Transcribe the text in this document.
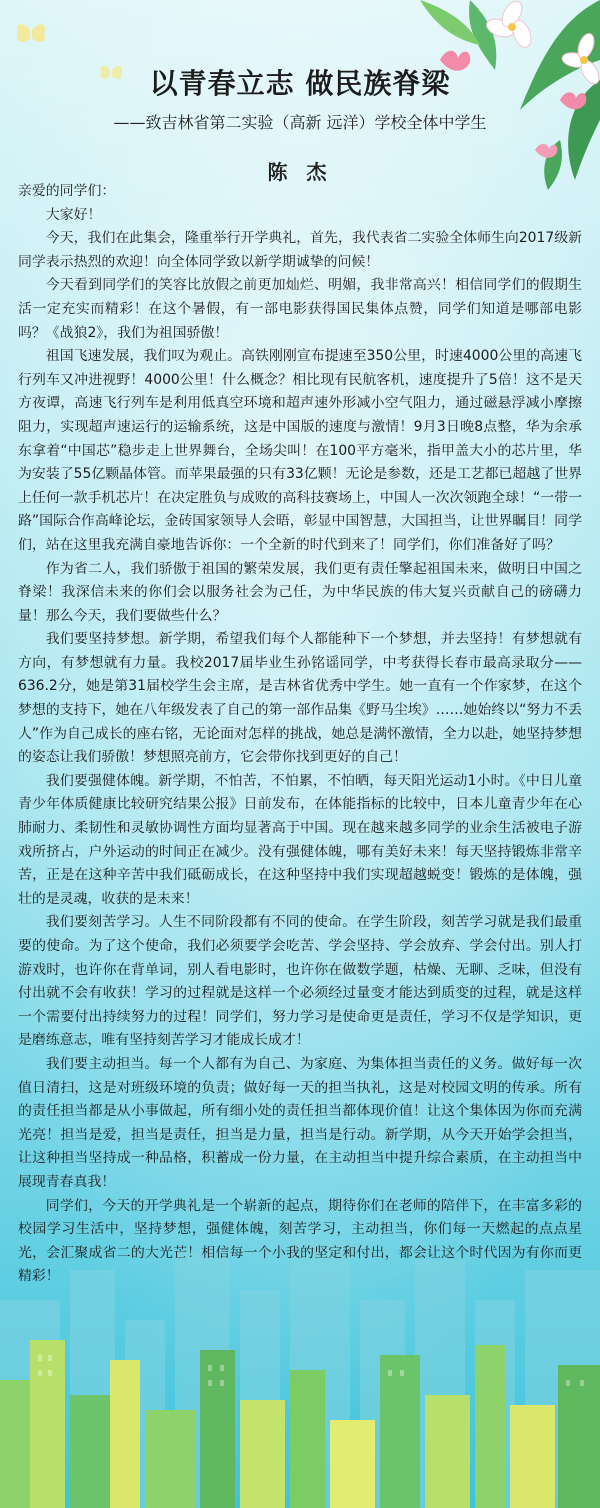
以青春立志 做民族脊梁
——致吉林省第二实验（高新 远洋）学校全体中学生
陈 杰

亲爱的同学们：

大家好！

今天，我们在此集会，隆重举行开学典礼，首先，我代表省二实验全体师生向2017级新同学表示热烈的欢迎！向全体同学致以新学期诚挚的问候！

今天看到同学们的笑容比放假之前更加灿烂、明媚，我非常高兴！相信同学们的假期生活一定充实而精彩！在这个暑假，有一部电影获得国民集体点赞，同学们知道是哪部电影吗？《战狼2》，我们为祖国骄傲！

祖国飞速发展，我们叹为观止。高铁刚刚宣布提速至350公里，时速4000公里的高速飞行列车又冲进视野！4000公里！什么概念？相比现有民航客机，速度提升了5倍！这不是天方夜谭，高速飞行列车是利用低真空环境和超声速外形减小空气阻力，通过磁悬浮减小摩擦阻力，实现超声速运行的运输系统，这是中国版的速度与激情！9月3日晚8点整，华为余承东拿着“中国芯”稳步走上世界舞台，全场尖叫！在100平方毫米，指甲盖大小的芯片里，华为安装了55亿颗晶体管。而苹果最强的只有33亿颗！无论是参数，还是工艺都已超越了世界上任何一款手机芯片！在决定胜负与成败的高科技赛场上，中国人一次次领跑全球！“一带一路”国际合作高峰论坛，金砖国家领导人会晤，彰显中国智慧，大国担当，让世界瞩目！同学们，站在这里我充满自豪地告诉你：一个全新的时代到来了！同学们，你们准备好了吗？

作为省二人，我们骄傲于祖国的繁荣发展，我们更有责任擎起祖国未来，做明日中国之脊梁！我深信未来的你们会以服务社会为己任，为中华民族的伟大复兴贡献自己的磅礴力量！那么今天，我们要做些什么？

我们要坚持梦想。新学期，希望我们每个人都能种下一个梦想，并去坚持！有梦想就有方向，有梦想就有力量。我校2017届毕业生孙铭谣同学，中考获得长春市最高录取分——636.2分，她是第31届校学生会主席，是吉林省优秀中学生。她一直有一个作家梦，在这个梦想的支持下，她在八年级发表了自己的第一部作品集《野马尘埃》……她始终以“努力不丢人”作为自己成长的座右铭，无论面对怎样的挑战，她总是满怀激情，全力以赴，她坚持梦想的姿态让我们骄傲！梦想照亮前方，它会带你找到更好的自己！

我们要强健体魄。新学期，不怕苦，不怕累，不怕晒，每天阳光运动1小时。《中日儿童青少年体质健康比较研究结果公报》日前发布，在体能指标的比较中，日本儿童青少年在心肺耐力、柔韧性和灵敏协调性方面均显著高于中国。现在越来越多同学的业余生活被电子游戏所挤占，户外运动的时间正在减少。没有强健体魄，哪有美好未来！每天坚持锻炼非常辛苦，正是在这种辛苦中我们砥砺成长，在这种坚持中我们实现超越蜕变！锻炼的是体魄，强壮的是灵魂，收获的是未来！

我们要刻苦学习。人生不同阶段都有不同的使命。在学生阶段，刻苦学习就是我们最重要的使命。为了这个使命，我们必须要学会吃苦、学会坚持、学会放弃、学会付出。别人打游戏时，也许你在背单词，别人看电影时，也许你在做数学题，枯燥、无聊、乏味，但没有付出就不会有收获！学习的过程就是这样一个必须经过量变才能达到质变的过程，就是这样一个需要付出持续努力的过程！同学们，努力学习是使命更是责任，学习不仅是学知识，更是磨练意志，唯有坚持刻苦学习才能成长成才！

我们要主动担当。每一个人都有为自己、为家庭、为集体担当责任的义务。做好每一次值日清扫，这是对班级环境的负责；做好每一天的担当执礼，这是对校园文明的传承。所有的责任担当都是从小事做起，所有细小处的责任担当都体现价值！让这个集体因为你而充满光亮！担当是爱，担当是责任，担当是力量，担当是行动。新学期，从今天开始学会担当，让这种担当坚持成一种品格，积蓄成一份力量，在主动担当中提升综合素质，在主动担当中展现青春真我！

同学们，今天的开学典礼是一个崭新的起点，期待你们在老师的陪伴下，在丰富多彩的校园学习生活中，坚持梦想，强健体魄，刻苦学习，主动担当，你们每一天燃起的点点星光，会汇聚成省二的大光芒！相信每一个小我的坚定和付出，都会让这个时代因为有你而更精彩！
